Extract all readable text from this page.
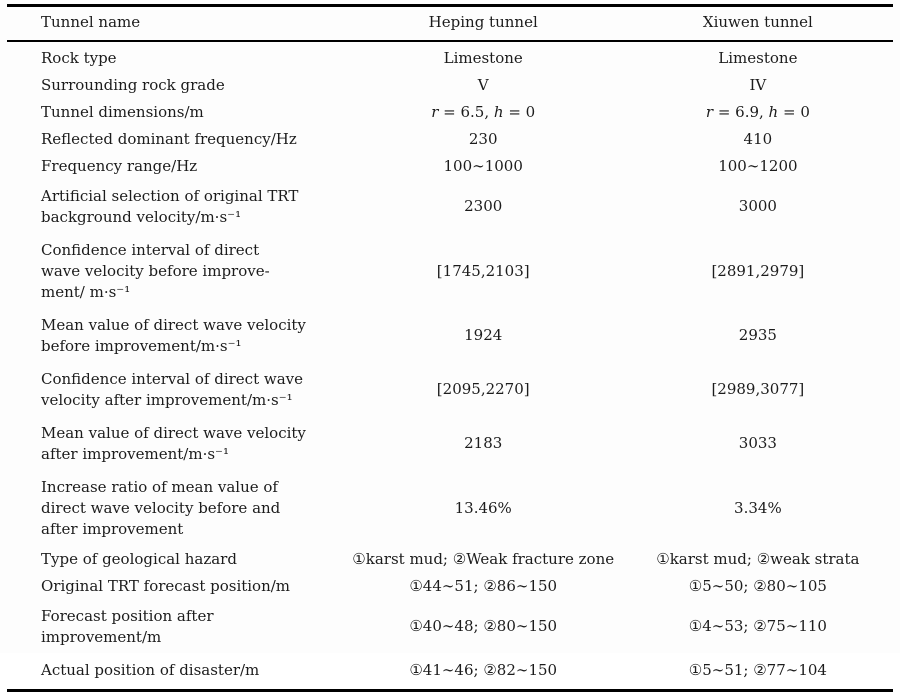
Tunnel name	Heping tunnel	Xiuwen tunnel
Rock type	Limestone	Limestone
Surrounding rock grade	V	IV
Tunnel dimensions/m	r = 6.5, h = 0	r = 6.9, h = 0
Reflected dominant frequency/Hz	230	410
Frequency range/Hz	100∼1000	100∼1200
Artificial selection of original TRT
background velocity/m·s⁻¹	2300	3000
Confidence interval of direct
wave velocity before improve-
ment/ m·s⁻¹	[1745,2103]	[2891,2979]
Mean value of direct wave velocity
before improvement/m·s⁻¹	1924	2935
Confidence interval of direct wave
velocity after improvement/m·s⁻¹	[2095,2270]	[2989,3077]
Mean value of direct wave velocity
after improvement/m·s⁻¹	2183	3033
Increase ratio of mean value of
direct wave velocity before and
after improvement	13.46%	3.34%
Type of geological hazard	①karst mud; ②Weak fracture zone	①karst mud; ②weak strata
Original TRT forecast position/m	①44∼51; ②86∼150	①5∼50; ②80∼105
Forecast position after
improvement/m	①40∼48; ②80∼150	①4∼53; ②75∼110
Actual position of disaster/m	①41∼46; ②82∼150	①5∼51; ②77∼104
